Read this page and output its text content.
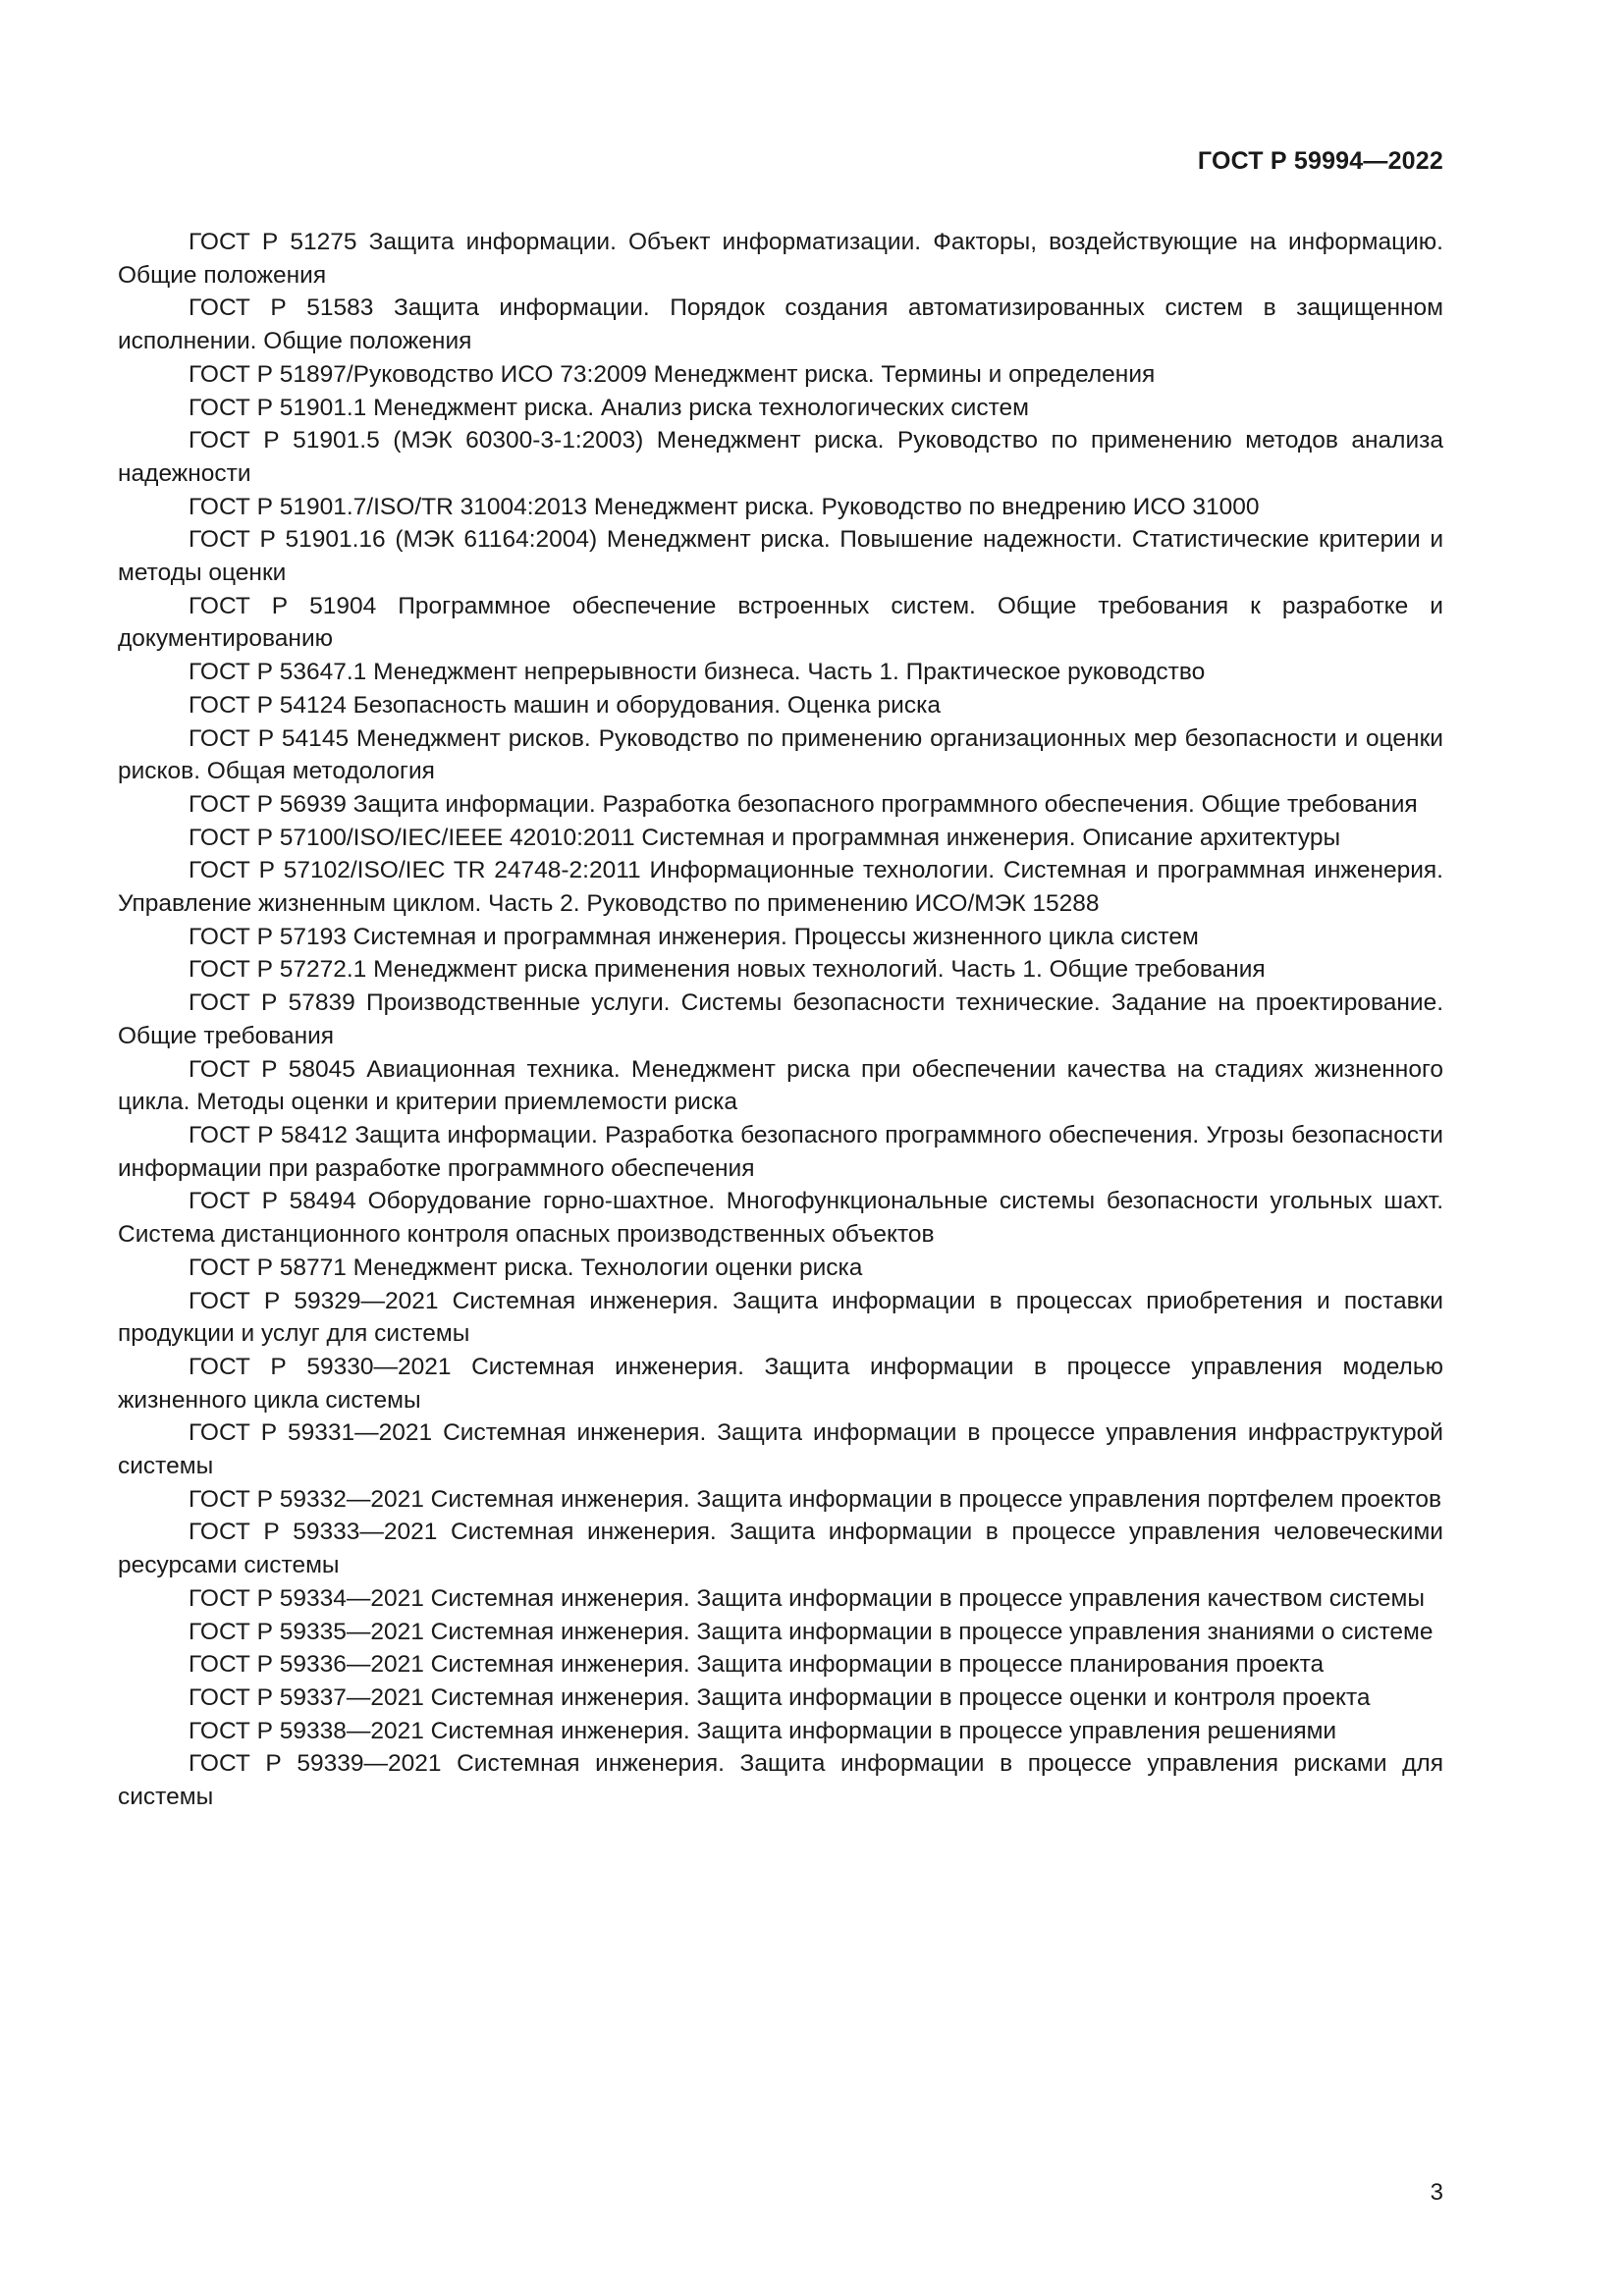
ГОСТ Р 59994—2022
ГОСТ Р 51275 Защита информации. Объект информатизации. Факторы, воздействующие на информацию. Общие положения
ГОСТ Р 51583 Защита информации. Порядок создания автоматизированных систем в защищенном исполнении. Общие положения
ГОСТ Р 51897/Руководство ИСО 73:2009 Менеджмент риска. Термины и определения
ГОСТ Р 51901.1 Менеджмент риска. Анализ риска технологических систем
ГОСТ Р 51901.5 (МЭК 60300-3-1:2003) Менеджмент риска. Руководство по применению методов анализа надежности
ГОСТ Р 51901.7/ISO/TR 31004:2013 Менеджмент риска. Руководство по внедрению ИСО 31000
ГОСТ Р 51901.16 (МЭК 61164:2004) Менеджмент риска. Повышение надежности. Статистические критерии и методы оценки
ГОСТ Р 51904 Программное обеспечение встроенных систем. Общие требования к разработке и документированию
ГОСТ Р 53647.1 Менеджмент непрерывности бизнеса. Часть 1. Практическое руководство
ГОСТ Р 54124 Безопасность машин и оборудования. Оценка риска
ГОСТ Р 54145 Менеджмент рисков. Руководство по применению организационных мер безопасности и оценки рисков. Общая методология
ГОСТ Р 56939 Защита информации. Разработка безопасного программного обеспечения. Общие требования
ГОСТ Р 57100/ISO/IEC/IEEE 42010:2011 Системная и программная инженерия. Описание архитектуры
ГОСТ Р 57102/ISO/IEC TR 24748-2:2011 Информационные технологии. Системная и программная инженерия. Управление жизненным циклом. Часть 2. Руководство по применению ИСО/МЭК 15288
ГОСТ Р 57193 Системная и программная инженерия. Процессы жизненного цикла систем
ГОСТ Р 57272.1 Менеджмент риска применения новых технологий. Часть 1. Общие требования
ГОСТ Р 57839 Производственные услуги. Системы безопасности технические. Задание на проектирование. Общие требования
ГОСТ Р 58045 Авиационная техника. Менеджмент риска при обеспечении качества на стадиях жизненного цикла. Методы оценки и критерии приемлемости риска
ГОСТ Р 58412 Защита информации. Разработка безопасного программного обеспечения. Угрозы безопасности информации при разработке программного обеспечения
ГОСТ Р 58494 Оборудование горно-шахтное. Многофункциональные системы безопасности угольных шахт. Система дистанционного контроля опасных производственных объектов
ГОСТ Р 58771 Менеджмент риска. Технологии оценки риска
ГОСТ Р 59329—2021 Системная инженерия. Защита информации в процессах приобретения и поставки продукции и услуг для системы
ГОСТ Р 59330—2021 Системная инженерия. Защита информации в процессе управления моделью жизненного цикла системы
ГОСТ Р 59331—2021 Системная инженерия. Защита информации в процессе управления инфраструктурой системы
ГОСТ Р 59332—2021 Системная инженерия. Защита информации в процессе управления портфелем проектов
ГОСТ Р 59333—2021 Системная инженерия. Защита информации в процессе управления человеческими ресурсами системы
ГОСТ Р 59334—2021 Системная инженерия. Защита информации в процессе управления качеством системы
ГОСТ Р 59335—2021 Системная инженерия. Защита информации в процессе управления знаниями о системе
ГОСТ Р 59336—2021 Системная инженерия. Защита информации в процессе планирования проекта
ГОСТ Р 59337—2021 Системная инженерия. Защита информации в процессе оценки и контроля проекта
ГОСТ Р 59338—2021 Системная инженерия. Защита информации в процессе управления решениями
ГОСТ Р 59339—2021 Системная инженерия. Защита информации в процессе управления рисками для системы
3
